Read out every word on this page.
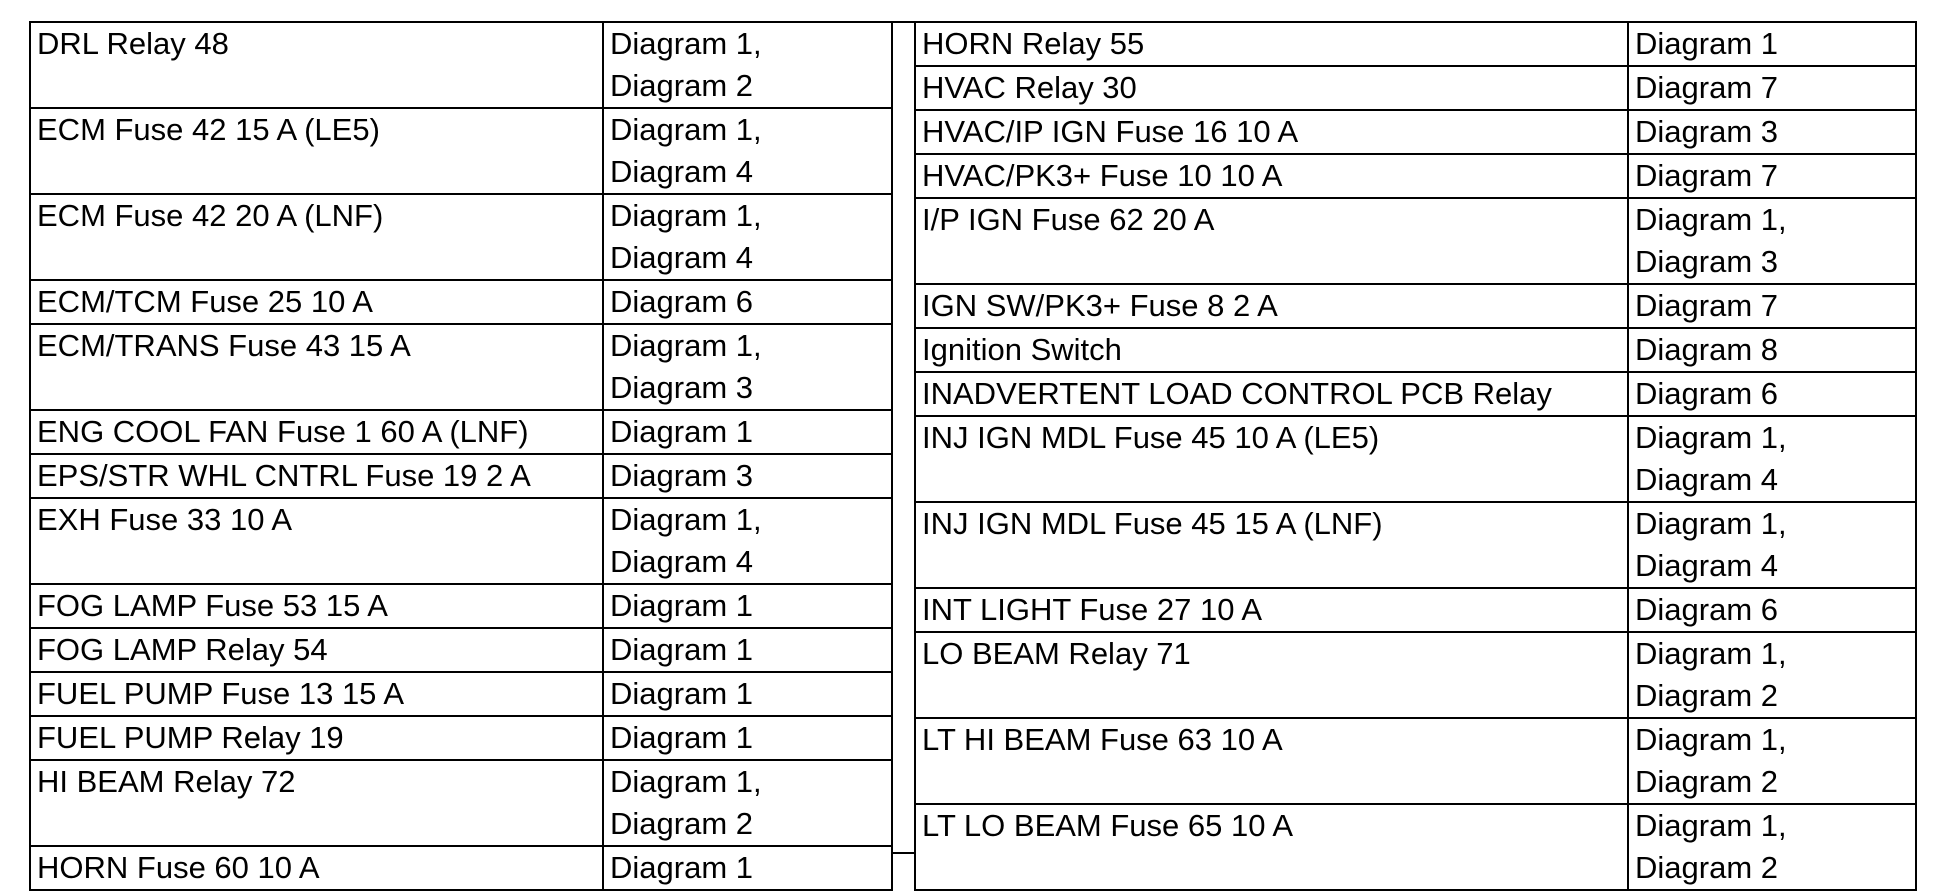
DRL Relay 48	Diagram 1,
Diagram 2
ECM Fuse 42 15 A (LE5)	Diagram 1,
Diagram 4
ECM Fuse 42 20 A (LNF)	Diagram 1,
Diagram 4
ECM/TCM Fuse 25 10 A	Diagram 6
ECM/TRANS Fuse 43 15 A	Diagram 1,
Diagram 3
ENG COOL FAN Fuse 1 60 A (LNF)	Diagram 1
EPS/STR WHL CNTRL Fuse 19 2 A	Diagram 3
EXH Fuse 33 10 A	Diagram 1,
Diagram 4
FOG LAMP Fuse 53 15 A	Diagram 1
FOG LAMP Relay 54	Diagram 1
FUEL PUMP Fuse 13 15 A	Diagram 1
FUEL PUMP Relay 19	Diagram 1
HI BEAM Relay 72	Diagram 1,
Diagram 2
HORN Fuse 60 10 A	Diagram 1
HORN Relay 55	Diagram 1
HVAC Relay 30	Diagram 7
HVAC/IP IGN Fuse 16 10 A	Diagram 3
HVAC/PK3+ Fuse 10 10 A	Diagram 7
I/P IGN Fuse 62 20 A	Diagram 1,
Diagram 3
IGN SW/PK3+ Fuse 8 2 A	Diagram 7
Ignition Switch	Diagram 8
INADVERTENT LOAD CONTROL PCB Relay	Diagram 6
INJ IGN MDL Fuse 45 10 A (LE5)	Diagram 1,
Diagram 4
INJ IGN MDL Fuse 45 15 A (LNF)	Diagram 1,
Diagram 4
INT LIGHT Fuse 27 10 A	Diagram 6
LO BEAM Relay 71	Diagram 1,
Diagram 2
LT HI BEAM Fuse 63 10 A	Diagram 1,
Diagram 2
LT LO BEAM Fuse 65 10 A	Diagram 1,
Diagram 2
